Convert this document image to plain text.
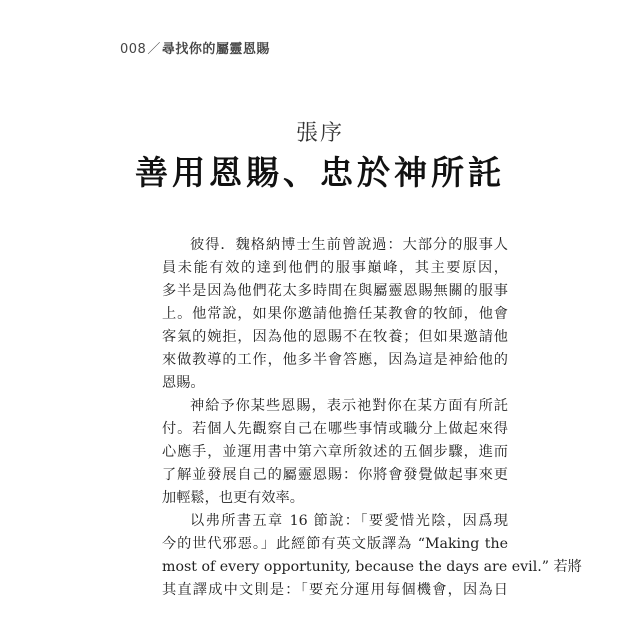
008／尋找你的屬靈恩賜
張序
善用恩賜、忠於神所託

彼得．魏格納博士生前曾說過：大部分的服事人
員未能有效的達到他們的服事巔峰，其主要原因，
多半是因為他們花太多時間在與屬靈恩賜無關的服事
上。他常說，如果你邀請他擔任某教會的牧師，他會
客氣的婉拒，因為他的恩賜不在牧養；但如果邀請他
來做教導的工作，他多半會答應，因為這是神給他的
恩賜。

神給予你某些恩賜，表示祂對你在某方面有所託
付。若個人先觀察自己在哪些事情或職分上做起來得
心應手，並運用書中第六章所敘述的五個步驟，進而
了解並發展自己的屬靈恩賜：你將會發覺做起事來更
加輕鬆，也更有效率。

以弗所書五章 16 節說：「要愛惜光陰，因爲現
今的世代邪惡。」此經節有英文版譯為 “Making the
most of every opportunity, because the days are evil.” 若將
其直譯成中文則是：「要充分運用每個機會，因為日
